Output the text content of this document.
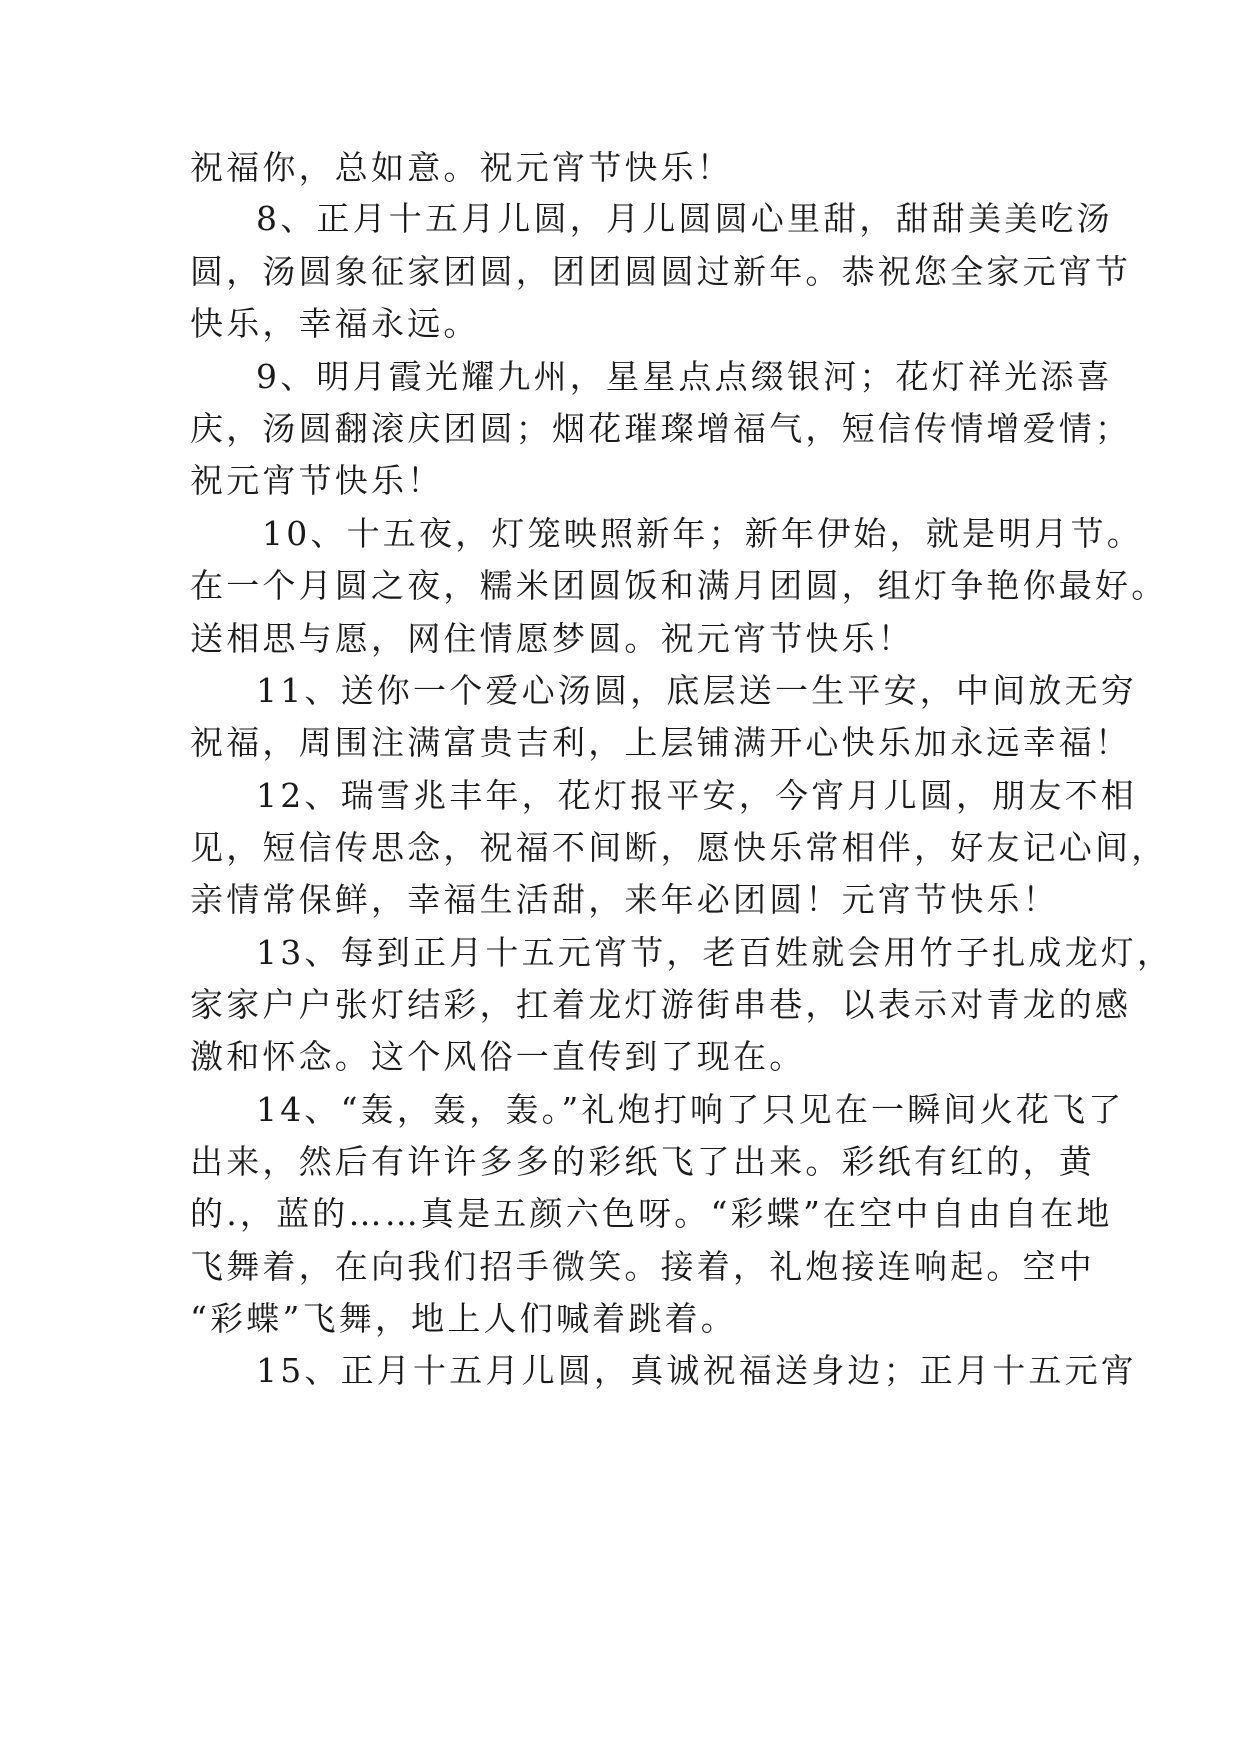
祝福你，总如意。祝元宵节快乐！
8、正月十五月儿圆，月儿圆圆心里甜，甜甜美美吃汤
圆，汤圆象征家团圆，团团圆圆过新年。恭祝您全家元宵节
快乐，幸福永远。
9、明月霞光耀九州，星星点点缀银河；花灯祥光添喜
庆，汤圆翻滚庆团圆；烟花璀璨增福气，短信传情增爱情；
祝元宵节快乐！
10、十五夜，灯笼映照新年；新年伊始，就是明月节。
在一个月圆之夜，糯米团圆饭和满月团圆，组灯争艳你最好。
送相思与愿，网住情愿梦圆。祝元宵节快乐！
11、送你一个爱心汤圆，底层送一生平安，中间放无穷
祝福，周围注满富贵吉利，上层铺满开心快乐加永远幸福！
12、瑞雪兆丰年，花灯报平安，今宵月儿圆，朋友不相
见，短信传思念，祝福不间断，愿快乐常相伴，好友记心间，
亲情常保鲜，幸福生活甜，来年必团圆！元宵节快乐！
13、每到正月十五元宵节，老百姓就会用竹子扎成龙灯，
家家户户张灯结彩，扛着龙灯游街串巷，以表示对青龙的感
激和怀念。这个风俗一直传到了现在。
14、“轰，轰，轰。”礼炮打响了只见在一瞬间火花飞了
出来，然后有许许多多的彩纸飞了出来。彩纸有红的，黄
的.，蓝的……真是五颜六色呀。“彩蝶”在空中自由自在地
飞舞着，在向我们招手微笑。接着，礼炮接连响起。空中
“彩蝶”飞舞，地上人们喊着跳着。
15、正月十五月儿圆，真诚祝福送身边；正月十五元宵
